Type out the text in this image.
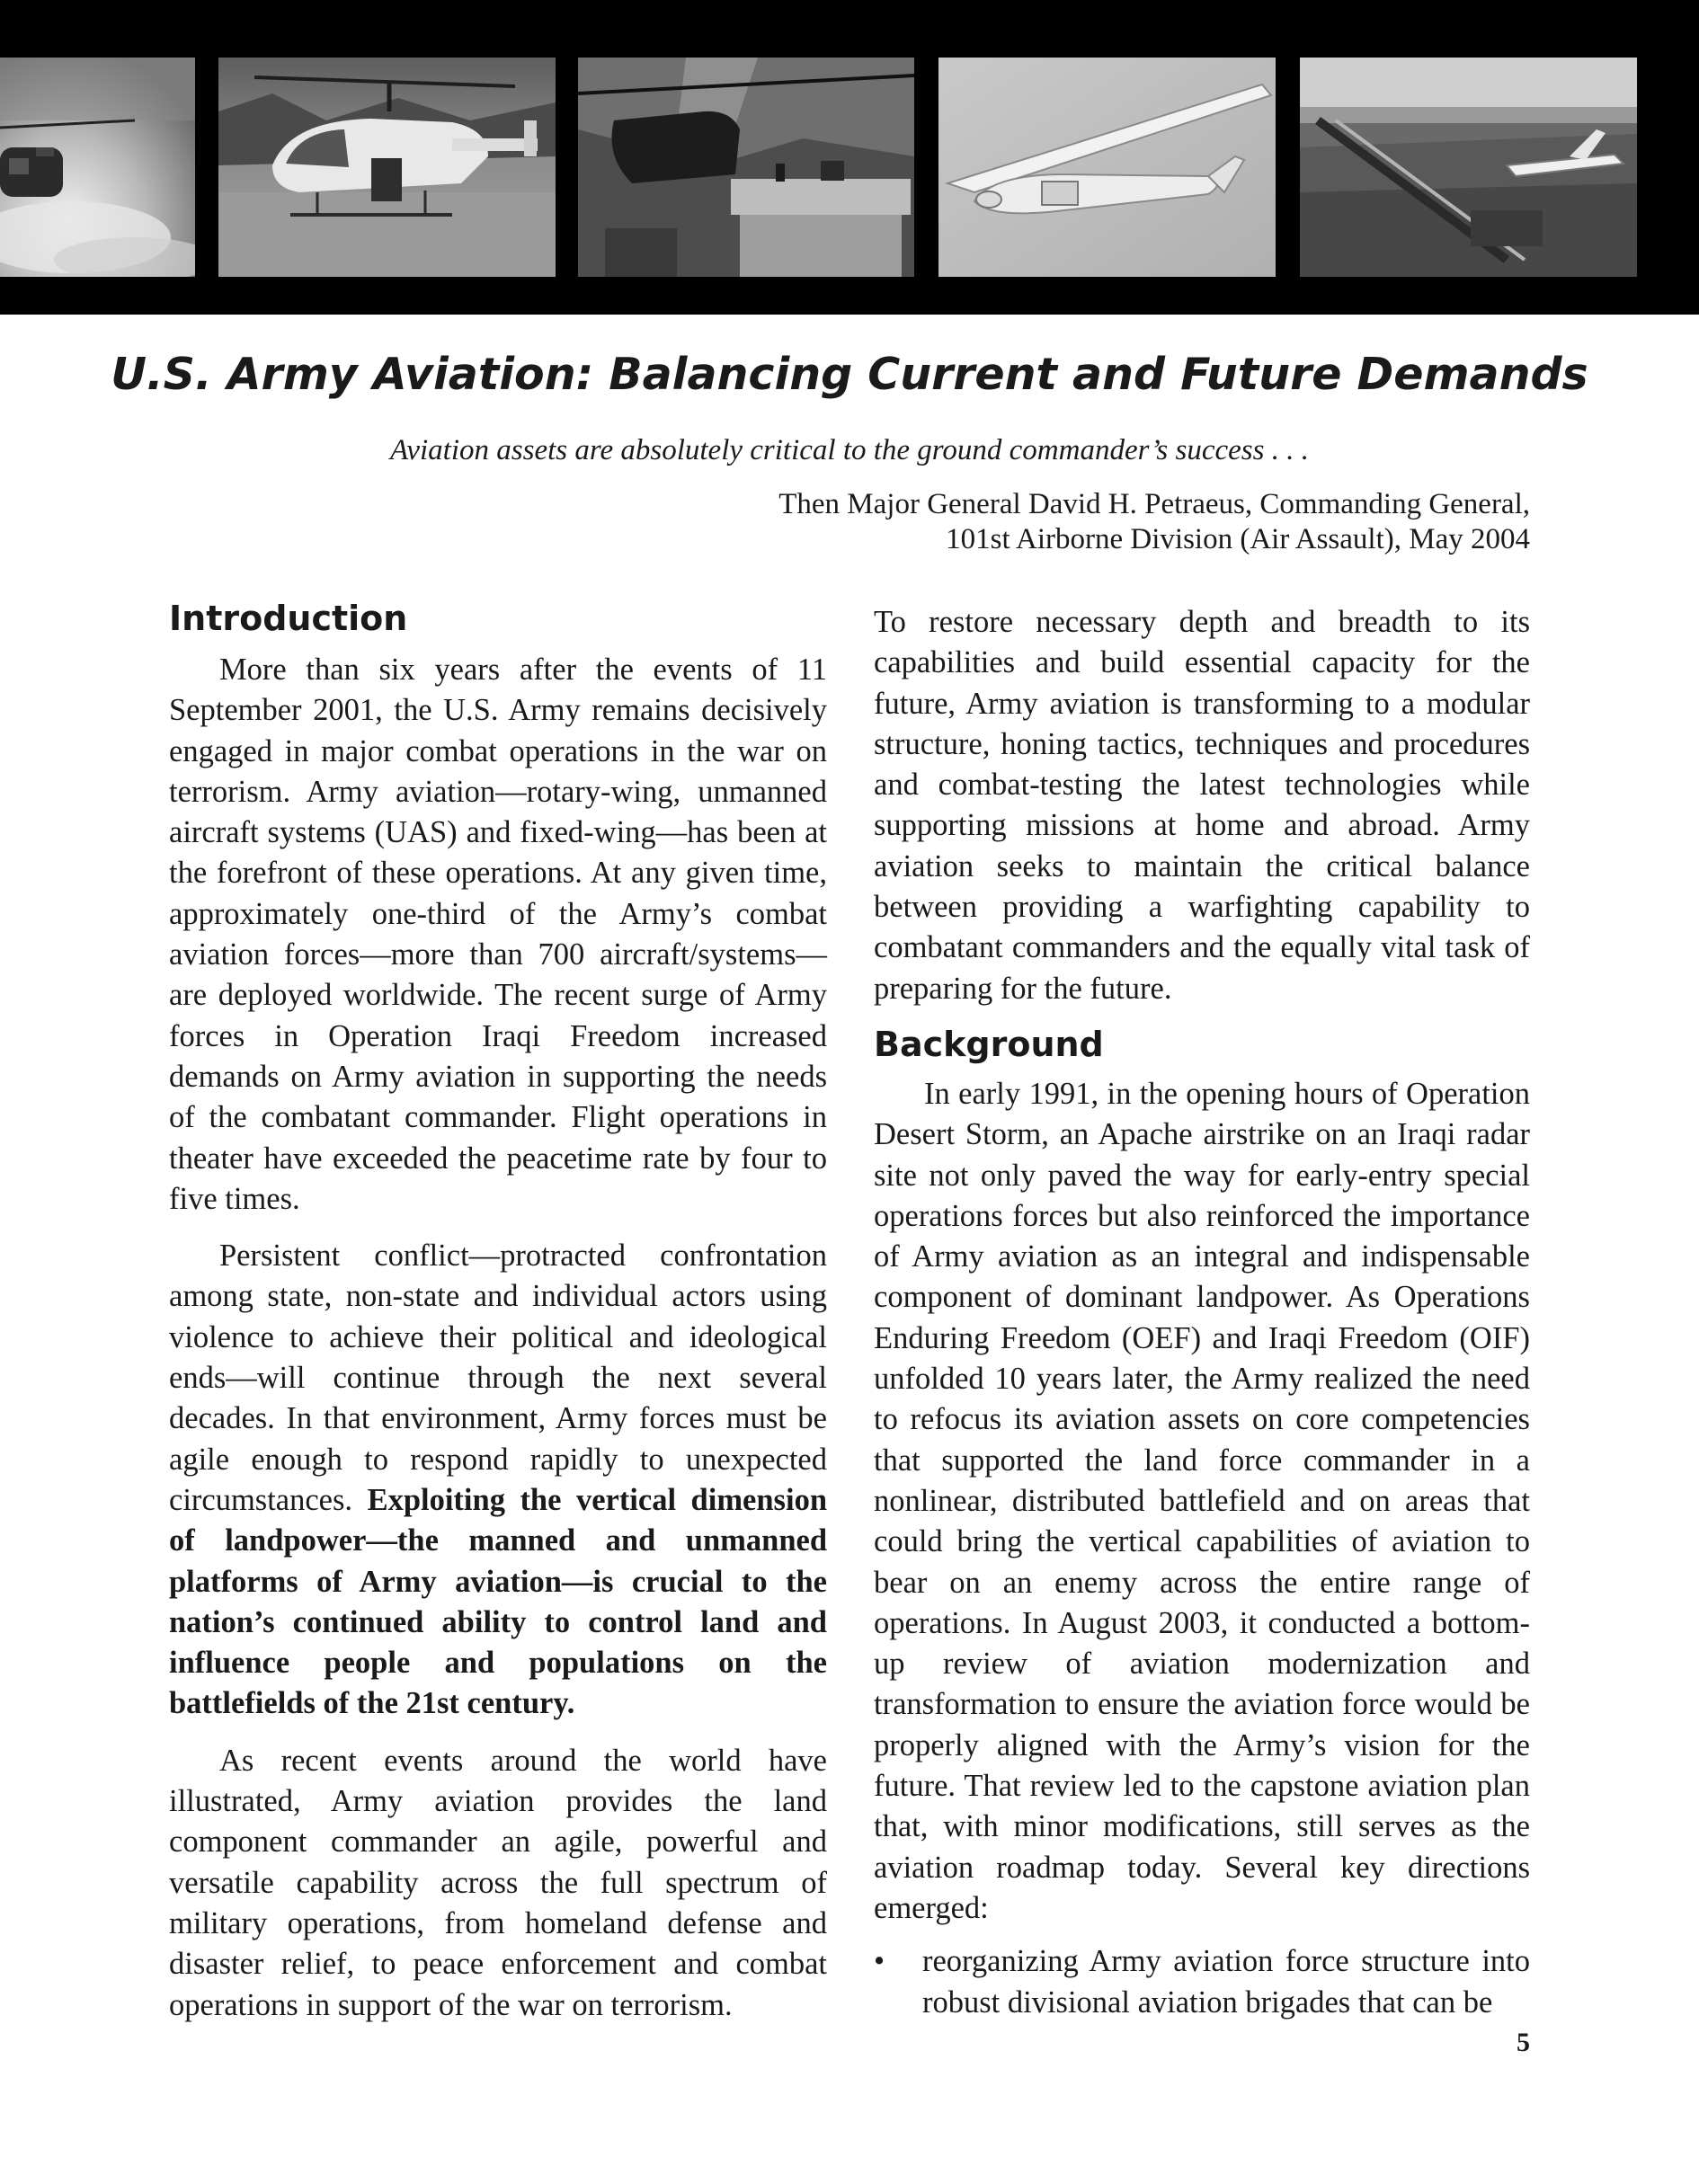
U.S. Army Aviation: Balancing Current and Future Demands
Aviation assets are absolutely critical to the ground commander’s success . . .
Then Major General David H. Petraeus, Commanding General,
101st Airborne Division (Air Assault), May 2004
Introduction

More than six years after the events of 11 September 2001, the U.S. Army remains decisively engaged in major combat operations in the war on terrorism. Army aviation—rotary-wing, unmanned aircraft systems (UAS) and fixed-wing—has been at the forefront of these operations. At any given time, approximately one-third of the Army’s combat aviation forces—more than 700 aircraft/systems—are deployed worldwide. The recent surge of Army forces in Operation Iraqi Freedom increased demands on Army aviation in supporting the needs of the combatant commander. Flight operations in theater have exceeded the peacetime rate by four to five times.

Persistent conflict—protracted confrontation among state, non-state and individual actors using violence to achieve their political and ideological ends—will continue through the next several decades. In that environment, Army forces must be agile enough to respond rapidly to unexpected circumstances. Exploiting the vertical dimension of landpower—the manned and unmanned platforms of Army aviation—is crucial to the nation’s continued ability to control land and influence people and populations on the battlefields of the 21st century.

As recent events around the world have illustrated, Army aviation provides the land component commander an agile, powerful and versatile capability across the full spectrum of military operations, from homeland defense and disaster relief, to peace enforcement and combat operations in support of the war on terrorism.

To restore necessary depth and breadth to its capabilities and build essential capacity for the future, Army aviation is transforming to a modular structure, honing tactics, techniques and procedures and combat-testing the latest technologies while supporting missions at home and abroad. Army aviation seeks to maintain the critical balance between providing a warfighting capability to combatant commanders and the equally vital task of preparing for the future.

Background

In early 1991, in the opening hours of Operation Desert Storm, an Apache airstrike on an Iraqi radar site not only paved the way for early-entry special operations forces but also reinforced the importance of Army aviation as an integral and indispensable component of dominant landpower. As Operations Enduring Freedom (OEF) and Iraqi Freedom (OIF) unfolded 10 years later, the Army realized the need to refocus its aviation assets on core competencies that supported the land force commander in a nonlinear, distributed battlefield and on areas that could bring the vertical capabilities of aviation to bear on an enemy across the entire range of operations. In August 2003, it conducted a bottom-up review of aviation modernization and transformation to ensure the aviation force would be properly aligned with the Army’s vision for the future. That review led to the capstone aviation plan that, with minor modifications, still serves as the aviation roadmap today. Several key directions emerged:

• reorganizing Army aviation force structure into robust divisional aviation brigades that can be
5
